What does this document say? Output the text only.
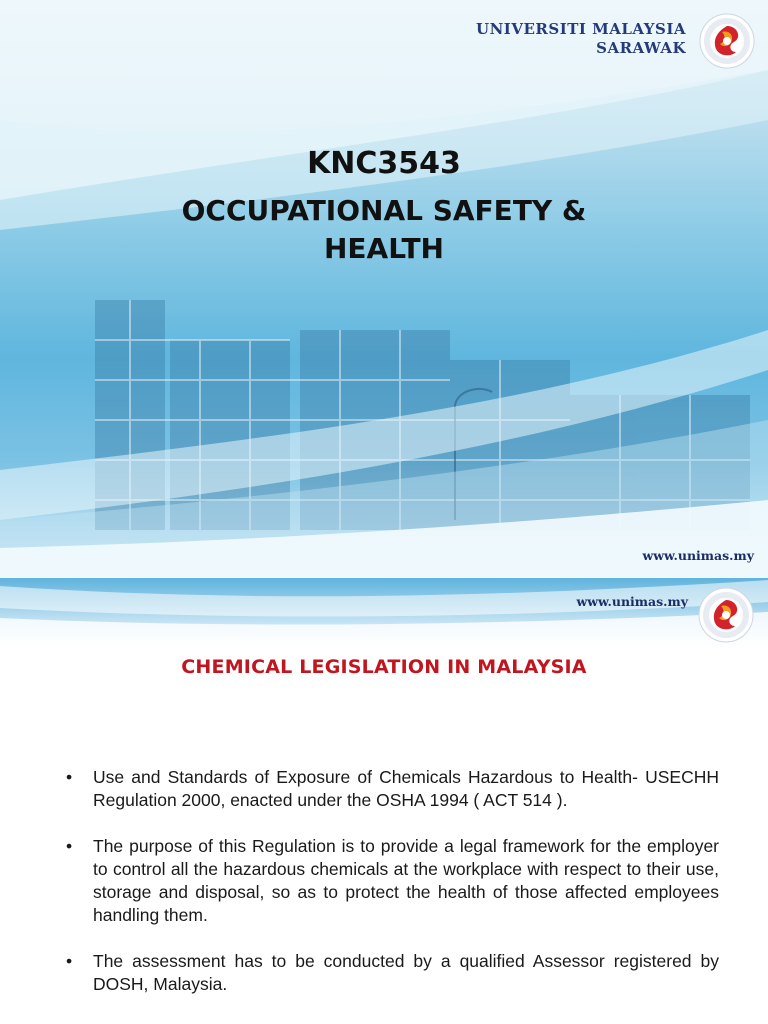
UNIVERSITI MALAYSIA
SARAWAK
KNC3543
OCCUPATIONAL SAFETY & HEALTH
www.unimas.my
www.unimas.my
CHEMICAL LEGISLATION IN MALAYSIA
• Use and Standards of Exposure of Chemicals Hazardous to Health- USECHH Regulation 2000, enacted under the OSHA 1994 ( ACT 514 ).
• The purpose of this Regulation is to provide a legal framework for the employer to control all the hazardous chemicals at the workplace with respect to their use, storage and disposal, so as to protect the health of those affected employees handling them.
• The assessment has to be conducted by a qualified Assessor registered by DOSH, Malaysia.
